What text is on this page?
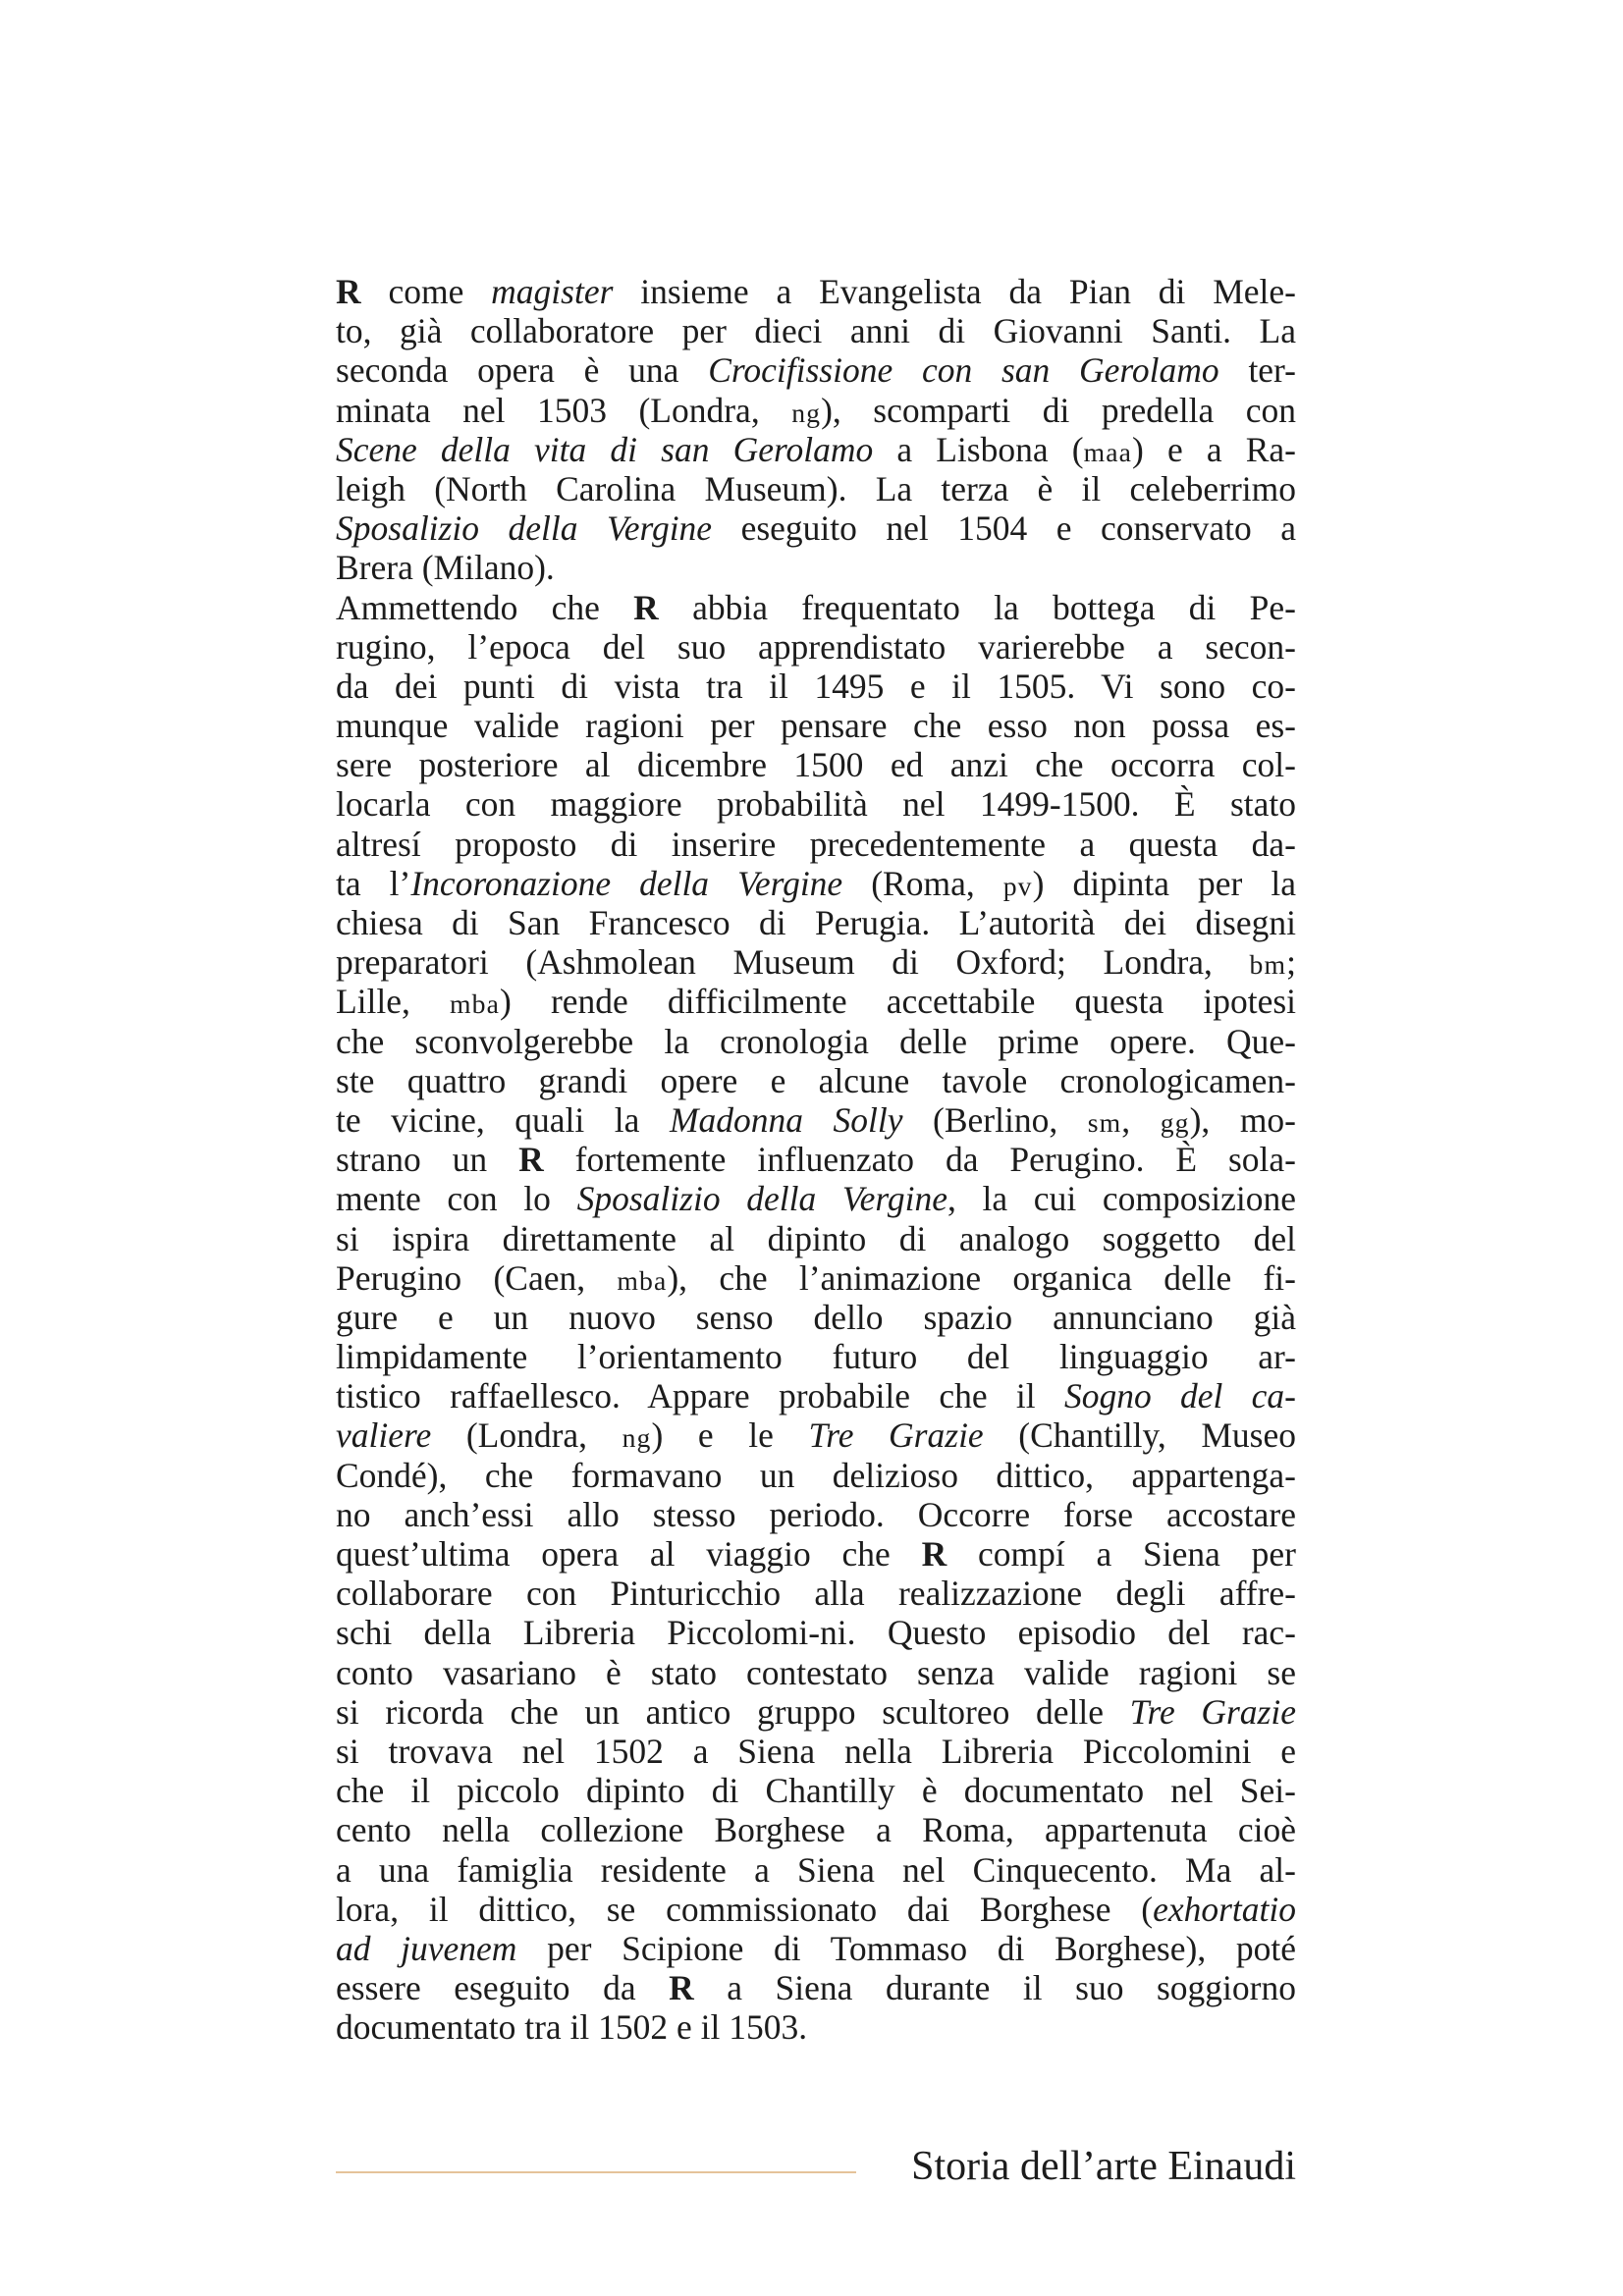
R come magister insieme a Evangelista da Pian di Mele-
to, già collaboratore per dieci anni di Giovanni Santi. La
seconda opera è una Crocifissione con san Gerolamo ter-
minata nel 1503 (Londra, ng), scomparti di predella con
Scene della vita di san Gerolamo a Lisbona (maa) e a Ra-
leigh (North Carolina Museum). La terza è il celeberrimo
Sposalizio della Vergine eseguito nel 1504 e conservato a
Brera (Milano).
Ammettendo che R abbia frequentato la bottega di Pe-
rugino, l’epoca del suo apprendistato varierebbe a secon-
da dei punti di vista tra il 1495 e il 1505. Vi sono co-
munque valide ragioni per pensare che esso non possa es-
sere posteriore al dicembre 1500 ed anzi che occorra col-
locarla con maggiore probabilità nel 1499-1500. È stato
altresí proposto di inserire precedentemente a questa da-
ta l’Incoronazione della Vergine (Roma, pv) dipinta per la
chiesa di San Francesco di Perugia. L’autorità dei disegni
preparatori (Ashmolean Museum di Oxford; Londra, bm;
Lille, mba) rende difficilmente accettabile questa ipotesi
che sconvolgerebbe la cronologia delle prime opere. Que-
ste quattro grandi opere e alcune tavole cronologicamen-
te vicine, quali la Madonna Solly (Berlino, sm, gg), mo-
strano un R fortemente influenzato da Perugino. È sola-
mente con lo Sposalizio della Vergine, la cui composizione
si ispira direttamente al dipinto di analogo soggetto del
Perugino (Caen, mba), che l’animazione organica delle fi-
gure e un nuovo senso dello spazio annunciano già
limpidamente l’orientamento futuro del linguaggio ar-
tistico raffaellesco. Appare probabile che il Sogno del ca-
valiere (Londra, ng) e le Tre Grazie (Chantilly, Museo
Condé), che formavano un delizioso dittico, appartenga-
no anch’essi allo stesso periodo. Occorre forse accostare
quest’ultima opera al viaggio che R compí a Siena per
collaborare con Pinturicchio alla realizzazione degli affre-
schi della Libreria Piccolomi-ni. Questo episodio del rac-
conto vasariano è stato contestato senza valide ragioni se
si ricorda che un antico gruppo scultoreo delle Tre Grazie
si trovava nel 1502 a Siena nella Libreria Piccolomini e
che il piccolo dipinto di Chantilly è documentato nel Sei-
cento nella collezione Borghese a Roma, appartenuta cioè
a una famiglia residente a Siena nel Cinquecento. Ma al-
lora, il dittico, se commissionato dai Borghese (exhortatio
ad juvenem per Scipione di Tommaso di Borghese), poté
essere eseguito da R a Siena durante il suo soggiorno
documentato tra il 1502 e il 1503.
Storia dell’arte Einaudi
